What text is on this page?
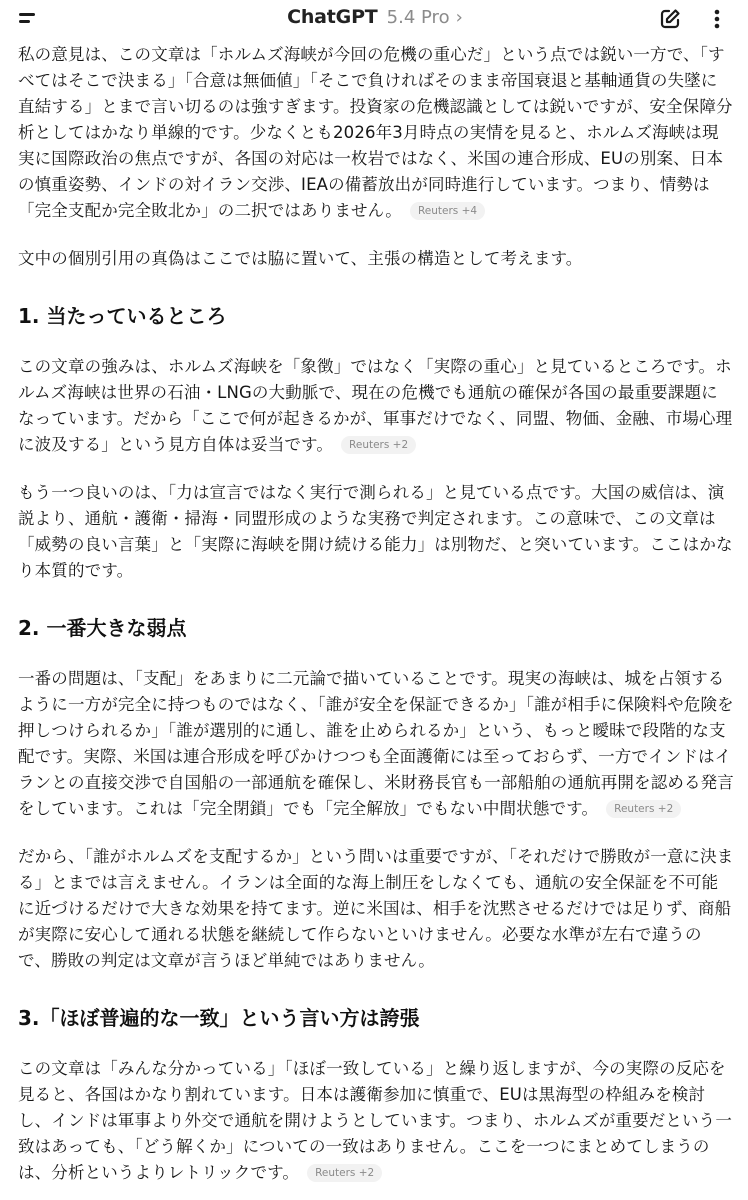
ChatGPT 5.4 Pro ›

私の意見は、この文章は「ホルムズ海峡が今回の危機の重心だ」という点では鋭い一方で、「すべてはそこで決まる」「合意は無価値」「そこで負ければそのまま帝国衰退と基軸通貨の失墜に直結する」とまで言い切るのは強すぎます。投資家の危機認識としては鋭いですが、安全保障分析としてはかなり単線的です。少なくとも2026年3月時点の実情を見ると、ホルムズ海峡は現実に国際政治の焦点ですが、各国の対応は一枚岩ではなく、米国の連合形成、EUの別案、日本の慎重姿勢、インドの対イラン交渉、IEAの備蓄放出が同時進行しています。つまり、情勢は「完全支配か完全敗北か」の二択ではありません。 Reuters +4

文中の個別引用の真偽はここでは脇に置いて、主張の構造として考えます。

1. 当たっているところ

この文章の強みは、ホルムズ海峡を「象徴」ではなく「実際の重心」と見ているところです。ホルムズ海峡は世界の石油・LNGの大動脈で、現在の危機でも通航の確保が各国の最重要課題になっています。だから「ここで何が起きるかが、軍事だけでなく、同盟、物価、金融、市場心理に波及する」という見方自体は妥当です。 Reuters +2

もう一つ良いのは、「力は宣言ではなく実行で測られる」と見ている点です。大国の威信は、演説より、通航・護衛・掃海・同盟形成のような実務で判定されます。この意味で、この文章は「威勢の良い言葉」と「実際に海峡を開け続ける能力」は別物だ、と突いています。ここはかなり本質的です。

2. 一番大きな弱点

一番の問題は、「支配」をあまりに二元論で描いていることです。現実の海峡は、城を占領するように一方が完全に持つものではなく、「誰が安全を保証できるか」「誰が相手に保険料や危険を押しつけられるか」「誰が選別的に通し、誰を止められるか」という、もっと曖昧で段階的な支配です。実際、米国は連合形成を呼びかけつつも全面護衛には至っておらず、一方でインドはイランとの直接交渉で自国船の一部通航を確保し、米財務長官も一部船舶の通航再開を認める発言をしています。これは「完全閉鎖」でも「完全解放」でもない中間状態です。 Reuters +2

だから、「誰がホルムズを支配するか」という問いは重要ですが、「それだけで勝敗が一意に決まる」とまでは言えません。イランは全面的な海上制圧をしなくても、通航の安全保証を不可能に近づけるだけで大きな効果を持てます。逆に米国は、相手を沈黙させるだけでは足りず、商船が実際に安心して通れる状態を継続して作らないといけません。必要な水準が左右で違うので、勝敗の判定は文章が言うほど単純ではありません。

3.「ほぼ普遍的な一致」という言い方は誇張

この文章は「みんな分かっている」「ほぼ一致している」と繰り返しますが、今の実際の反応を見ると、各国はかなり割れています。日本は護衛参加に慎重で、EUは黒海型の枠組みを検討し、インドは軍事より外交で通航を開けようとしています。つまり、ホルムズが重要だという一致はあっても、「どう解くか」についての一致はありません。ここを一つにまとめてしまうのは、分析というよりレトリックです。 Reuters +2
